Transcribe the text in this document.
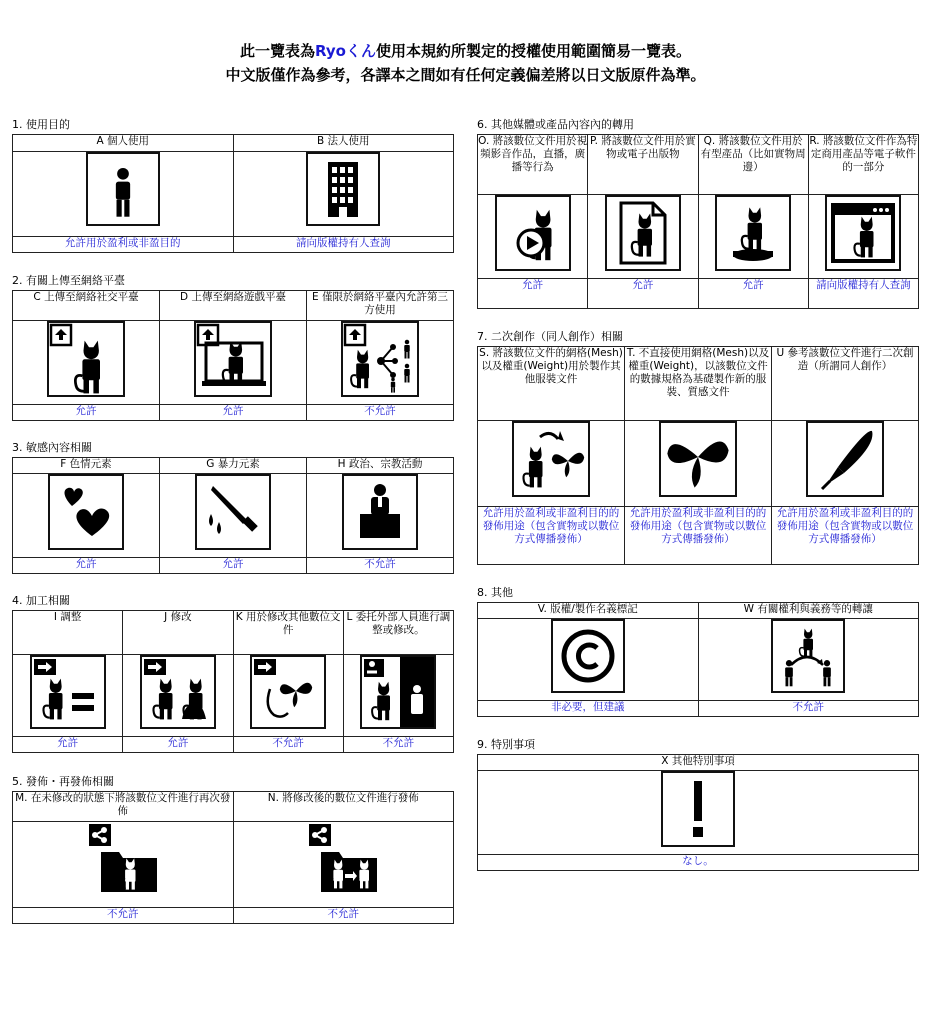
此一覽表為Ryoくん使用本規約所製定的授權使用範圍簡易一覽表。
中文版僅作為參考，各譯本之間如有任何定義偏差將以日文版原件為準。
1. 使用目的
A 個人使用	B 法人使用

允許用於盈利或非盈目的	請向版權持有人查詢
2. 有關上傳至網絡平臺
C 上傳至網絡社交平臺	D 上傳至網絡遊戲平臺	E 僅限於網絡平臺內允許第三方使用

允許	允許	不允許
3. 敏感內容相關
F 色情元素	G 暴力元素	H 政治、宗教活動

允許	允許	不允許
4. 加工相關
I 調整	J 修改	K 用於修改其他數位文件	L 委托外部人員進行調整或修改。

允許	允許	不允許	不允許
5. 發佈・再發佈相關
M. 在未修改的狀態下將該數位文件進行再次發佈	N. 將修改後的數位文件進行發佈

不允許	不允許
6. 其他媒體或產品內容內的轉用
O. 將該數位文件用於視頻影音作品，直播，廣播等行為	P. 將該數位文件用於實物或電子出版物	Q. 將該數位文件用於有型產品（比如實物周邊）	R. 將該數位文件作為特定商用產品等電子軟件的一部分

允許	允許	允許	請向版權持有人查詢
7. 二次創作（同人創作）相關
S. 將該數位文件的網格(Mesh)以及權重(Weight)用於製作其他服裝文件	T. 不直接使用網格(Mesh)以及權重(Weight)，以該數位文件的數據規格為基礎製作新的服裝、質感文件	U 參考該數位文件進行二次創造（所謂同人創作）

允許用於盈利或非盈利目的的發佈用途（包含實物或以數位方式傳播發佈）	允許用於盈利或非盈利目的的發佈用途（包含實物或以數位方式傳播發佈）	允許用於盈利或非盈利目的的發佈用途（包含實物或以數位方式傳播發佈）
8. 其他
V. 版權/製作名義標記	W 有關權利與義務等的轉讓

非必要，但建議	不允許
9. 特別事項
X 其他特別事項

なし。
